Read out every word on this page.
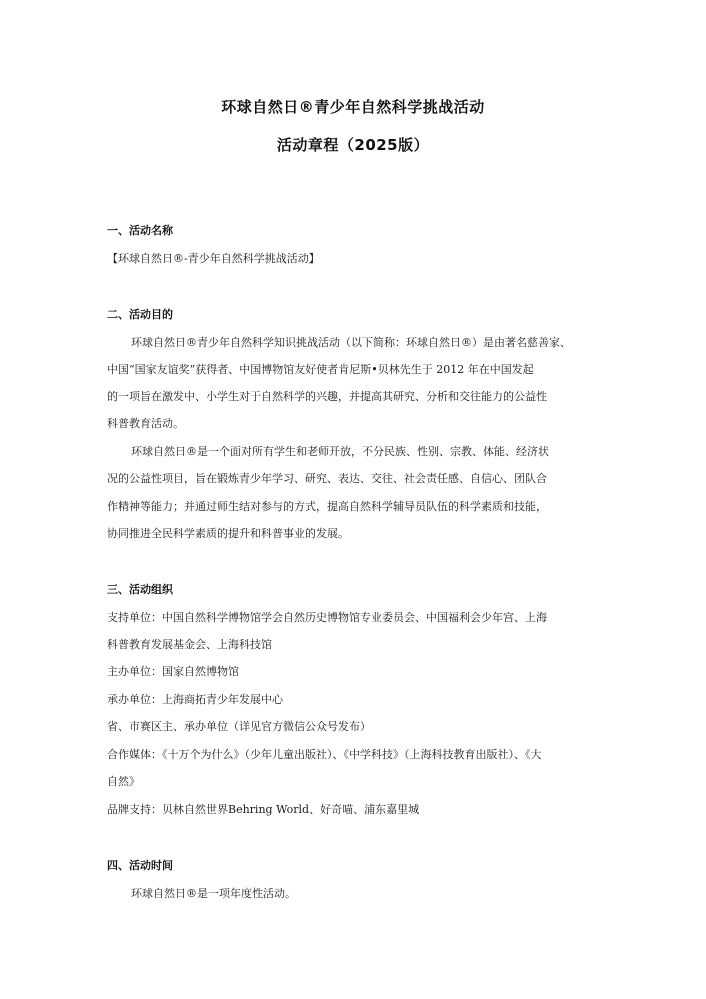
环球自然日®青少年自然科学挑战活动
活动章程（2025版）
一、活动名称
【环球自然日®-青少年自然科学挑战活动】
二、活动目的
环球自然日®青少年自然科学知识挑战活动（以下简称：环球自然日®）是由著名慈善家、
中国“国家友谊奖”获得者、中国博物馆友好使者肯尼斯•贝林先生于 2012 年在中国发起
的一项旨在激发中、小学生对于自然科学的兴趣，并提高其研究、分析和交往能力的公益性
科普教育活动。
环球自然日®是一个面对所有学生和老师开放，不分民族、性别、宗教、体能、经济状
况的公益性项目，旨在锻炼青少年学习、研究、表达、交往、社会责任感、自信心、团队合
作精神等能力；并通过师生结对参与的方式，提高自然科学辅导员队伍的科学素质和技能，
协同推进全民科学素质的提升和科普事业的发展。
三、活动组织
支持单位：中国自然科学博物馆学会自然历史博物馆专业委员会、中国福利会少年宫、上海
科普教育发展基金会、上海科技馆
主办单位：国家自然博物馆
承办单位：上海商拓青少年发展中心
省、市赛区主、承办单位（详见官方微信公众号发布）
合作媒体：《十万个为什么》（少年儿童出版社）、《中学科技》（上海科技教育出版社）、《大
自然》
品牌支持：贝林自然世界Behring World、好奇喵、浦东嘉里城
四、活动时间
环球自然日®是一项年度性活动。
